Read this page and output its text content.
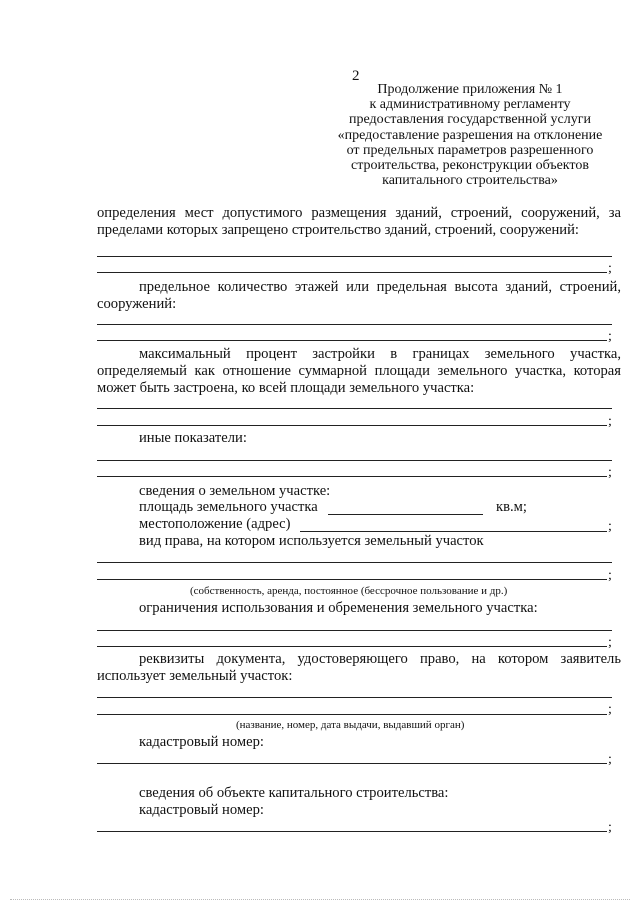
2
Продолжение приложения № 1
к административному регламенту
предоставления государственной услуги
«предоставление разрешения на отклонение
от предельных параметров разрешенного
строительства, реконструкции объектов
капитального строительства»
определения мест допустимого размещения зданий, строений, сооружений, за пределами которых запрещено строительство зданий, строений, сооружений:
;
предельное количество этажей или предельная высота зданий, строений, сооружений:
;
максимальный процент застройки в границах земельного участка, определяемый как отношение суммарной площади земельного участка, которая может быть застроена, ко всей площади земельного участка:
;
иные показатели:
;
сведения о земельном участке:
площадь земельного участка	кв.м;
местоположение (адрес)	;
вид права, на котором используется земельный участок
;
(собственность, аренда, постоянное (бессрочное пользование и др.)
ограничения использования и обременения земельного участка:
;
реквизиты документа, удостоверяющего право, на котором заявитель использует земельный участок:
;
(название, номер, дата выдачи, выдавший орган)
кадастровый номер:
;
сведения об объекте капитального строительства:
кадастровый номер:
;
